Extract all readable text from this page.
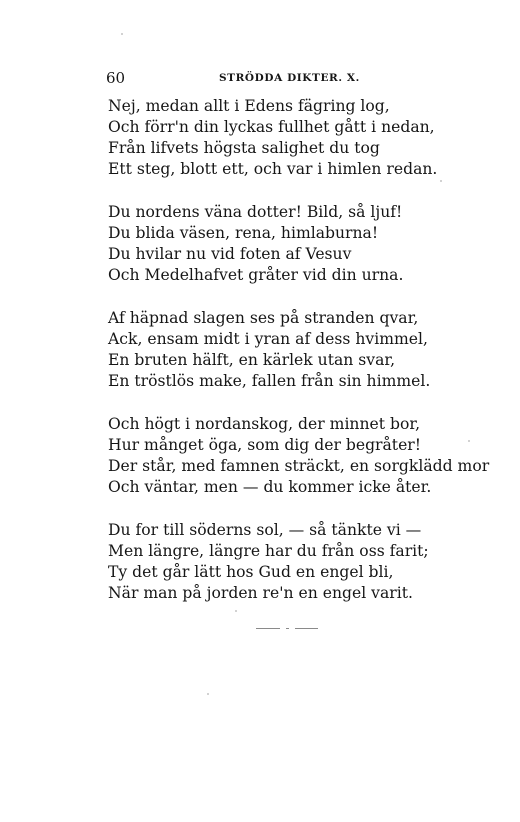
60	STRÖDDA DIKTER. X.
Nej, medan allt i Edens fägring log,
Och förr'n din lyckas fullhet gått i nedan,
Från lifvets högsta salighet du tog
Ett steg, blott ett, och var i himlen redan.
Du nordens väna dotter! Bild, så ljuf!
Du blida väsen, rena, himlaburna!
Du hvilar nu vid foten af Vesuv
Och Medelhafvet gråter vid din urna.
Af häpnad slagen ses på stranden qvar,
Ack, ensam midt i yran af dess hvimmel,
En bruten hälft, en kärlek utan svar,
En tröstlös make, fallen från sin himmel.
Och högt i nordanskog, der minnet bor,
Hur månget öga, som dig der begråter!
Der står, med famnen sträckt, en sorgklädd mor
Och väntar, men — du kommer icke åter.
Du for till söderns sol, — så tänkte vi —
Men längre, längre har du från oss farit;
Ty det går lätt hos Gud en engel bli,
När man på jorden re'n en engel varit.
